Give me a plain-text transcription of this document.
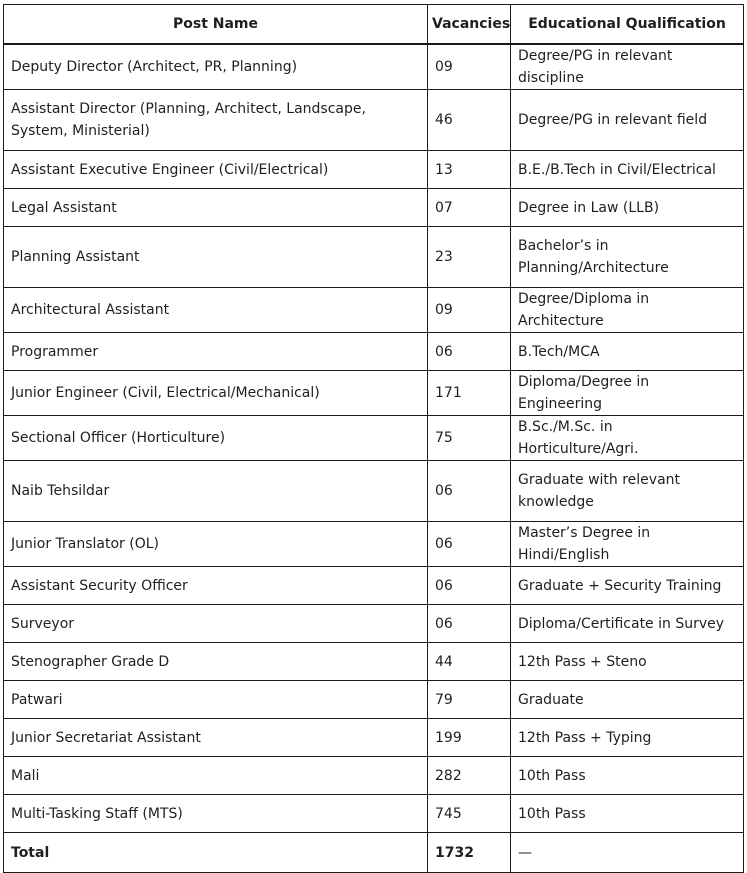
Post Name	Vacancies	Educational Qualification
Deputy Director (Architect, PR, Planning)	09	Degree/PG in relevant discipline
Assistant Director (Planning, Architect, Landscape, System, Ministerial)	46	Degree/PG in relevant field
Assistant Executive Engineer (Civil/Electrical)	13	B.E./B.Tech in Civil/Electrical
Legal Assistant	07	Degree in Law (LLB)
Planning Assistant	23	Bachelor’s in Planning/Architecture
Architectural Assistant	09	Degree/Diploma in Architecture
Programmer	06	B.Tech/MCA
Junior Engineer (Civil, Electrical/Mechanical)	171	Diploma/Degree in Engineering
Sectional Officer (Horticulture)	75	B.Sc./M.Sc. in Horticulture/Agri.
Naib Tehsildar	06	Graduate with relevant knowledge
Junior Translator (OL)	06	Master’s Degree in Hindi/English
Assistant Security Officer	06	Graduate + Security Training
Surveyor	06	Diploma/Certificate in Survey
Stenographer Grade D	44	12th Pass + Steno
Patwari	79	Graduate
Junior Secretariat Assistant	199	12th Pass + Typing
Mali	282	10th Pass
Multi-Tasking Staff (MTS)	745	10th Pass
Total	1732	—
